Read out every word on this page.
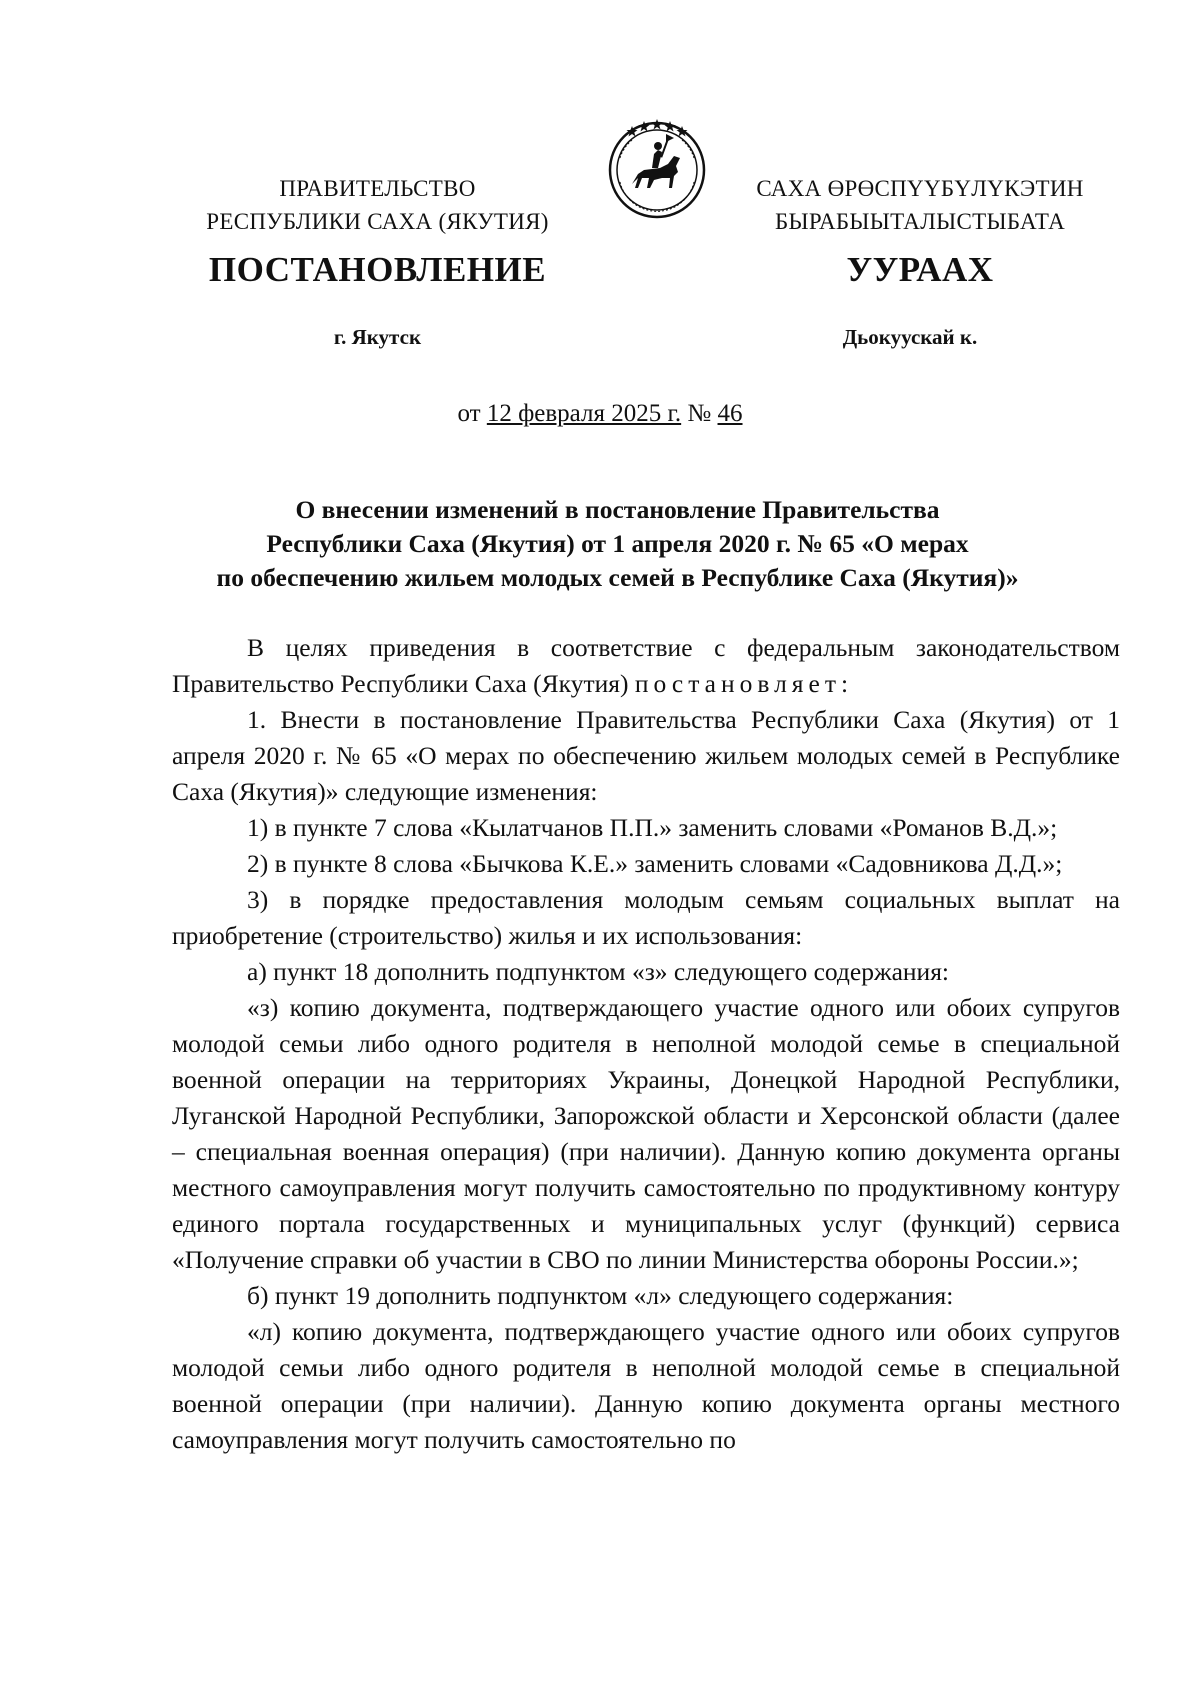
ПРАВИТЕЛЬСТВО
РЕСПУБЛИКИ САХА (ЯКУТИЯ)
САХА ӨРӨСПҮҮБҮЛҮКЭТИН
БЫРАБЫЫТАЛЫСТЫБАТА
ПОСТАНОВЛЕНИЕ	УУРААХ
г. Якутск	Дьокуускай к.
от 12 февраля 2025 г. № 46
О внесении изменений в постановление Правительства
Республики Саха (Якутия) от 1 апреля 2020 г. № 65 «О мерах
по обеспечению жильем молодых семей в Республике Саха (Якутия)»

В целях приведения в соответствие с федеральным законодательством Правительство Республики Саха (Якутия) постановляет:

1. Внести в постановление Правительства Республики Саха (Якутия) от 1 апреля 2020 г. № 65 «О мерах по обеспечению жильем молодых семей в Республике Саха (Якутия)» следующие изменения:

1) в пункте 7 слова «Кылатчанов П.П.» заменить словами «Романов В.Д.»;

2) в пункте 8 слова «Бычкова К.Е.» заменить словами «Садовникова Д.Д.»;

3) в порядке предоставления молодым семьям социальных выплат на приобретение (строительство) жилья и их использования:

а) пункт 18 дополнить подпунктом «з» следующего содержания:

«з) копию документа, подтверждающего участие одного или обоих супругов молодой семьи либо одного родителя в неполной молодой семье в специальной военной операции на территориях Украины, Донецкой Народной Республики, Луганской Народной Республики, Запорожской области и Херсонской области (далее – специальная военная операция) (при наличии). Данную копию документа органы местного самоуправления могут получить самостоятельно по продуктивному контуру единого портала государственных и муниципальных услуг (функций) сервиса «Получение справки об участии в СВО по линии Министерства обороны России.»;

б) пункт 19 дополнить подпунктом «л» следующего содержания:

«л) копию документа, подтверждающего участие одного или обоих супругов молодой семьи либо одного родителя в неполной молодой семье в специальной военной операции (при наличии). Данную копию документа органы местного самоуправления могут получить самостоятельно по
